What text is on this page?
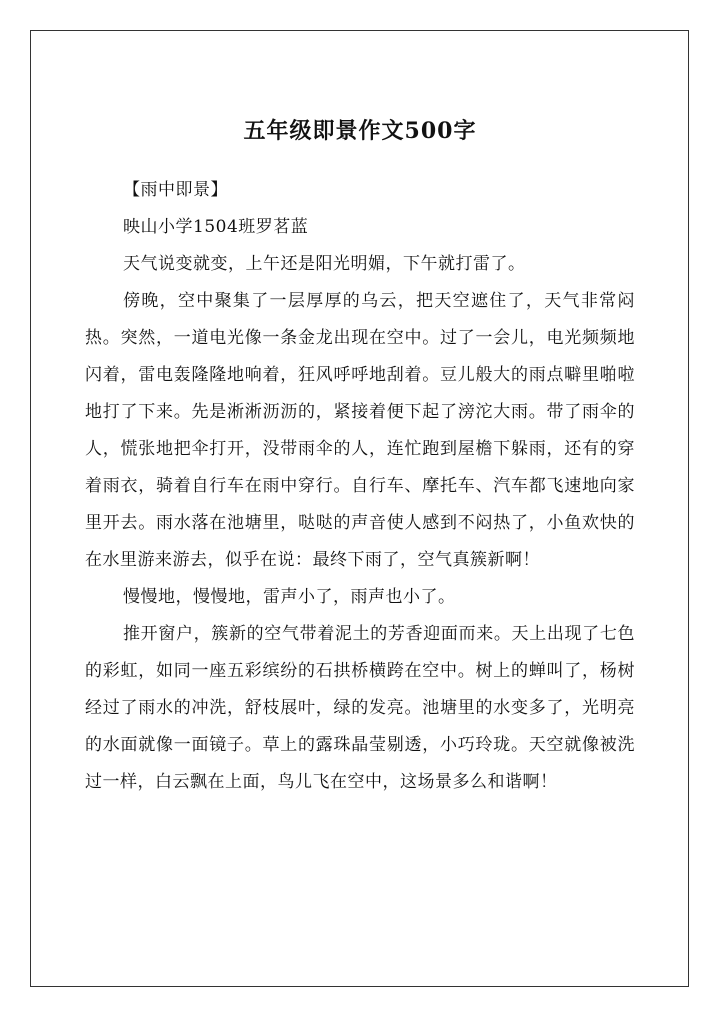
五年级即景作文500字

【雨中即景】

映山小学1504班罗茗蓝

天气说变就变，上午还是阳光明媚，下午就打雷了。

傍晚，空中聚集了一层厚厚的乌云，把天空遮住了，天气非常闷热。突然，一道电光像一条金龙出现在空中。过了一会儿，电光频频地闪着，雷电轰隆隆地响着，狂风呼呼地刮着。豆儿般大的雨点噼里啪啦地打了下来。先是淅淅沥沥的，紧接着便下起了滂沱大雨。带了雨伞的人，慌张地把伞打开，没带雨伞的人，连忙跑到屋檐下躲雨，还有的穿着雨衣，骑着自行车在雨中穿行。自行车、摩托车、汽车都飞速地向家里开去。雨水落在池塘里，哒哒的声音使人感到不闷热了，小鱼欢快的在水里游来游去，似乎在说：最终下雨了，空气真簇新啊！

慢慢地，慢慢地，雷声小了，雨声也小了。

推开窗户，簇新的空气带着泥土的芳香迎面而来。天上出现了七色的彩虹，如同一座五彩缤纷的石拱桥横跨在空中。树上的蝉叫了，杨树经过了雨水的冲洗，舒枝展叶，绿的发亮。池塘里的水变多了，光明亮的水面就像一面镜子。草上的露珠晶莹剔透，小巧玲珑。天空就像被洗过一样，白云飘在上面，鸟儿飞在空中，这场景多么和谐啊！
